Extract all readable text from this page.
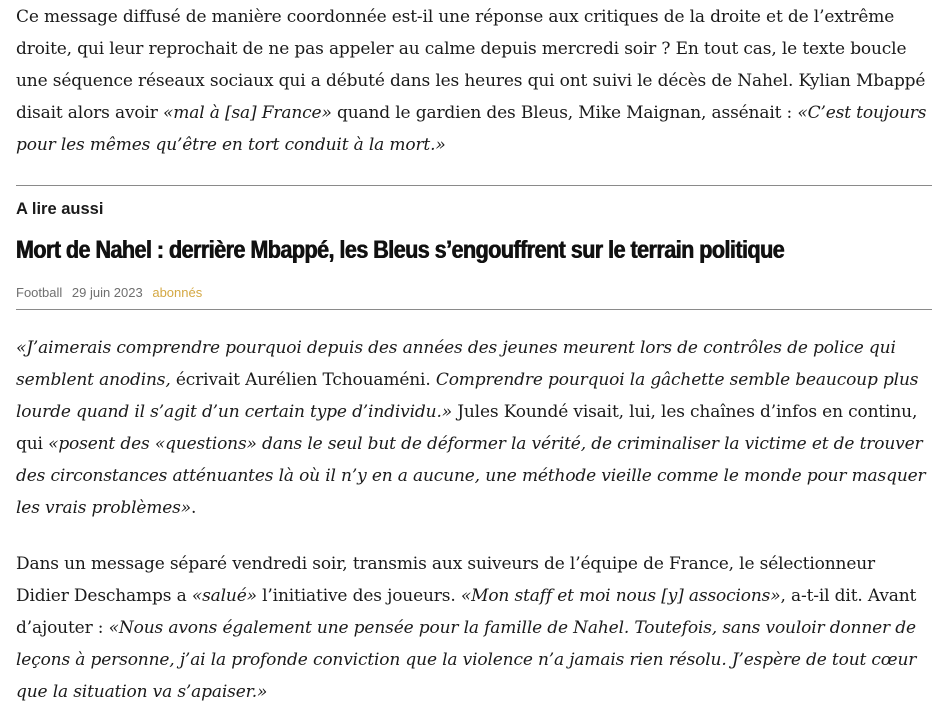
Ce message diffusé de manière coordonnée est-il une réponse aux critiques de la droite et de l’extrême droite, qui leur reprochait de ne pas appeler au calme depuis mercredi soir ? En tout cas, le texte boucle une séquence réseaux sociaux qui a débuté dans les heures qui ont suivi le décès de Nahel. Kylian Mbappé disait alors avoir «mal à [sa] France» quand le gardien des Bleus, Mike Maignan, assénait : «C’est toujours pour les mêmes qu’être en tort conduit à la mort.»

A lire aussi

Mort de Nahel : derrière Mbappé, les Bleus s’engouffrent sur le terrain politique

Football 29 juin 2023 abonnés

«J’aimerais comprendre pourquoi depuis des années des jeunes meurent lors de contrôles de police qui semblent anodins, écrivait Aurélien Tchouaméni. Comprendre pourquoi la gâchette semble beaucoup plus lourde quand il s’agit d’un certain type d’individu.» Jules Koundé visait, lui, les chaînes d’infos en continu, qui «posent des «questions» dans le seul but de déformer la vérité, de criminaliser la victime et de trouver des circonstances atténuantes là où il n’y en a aucune, une méthode vieille comme le monde pour masquer les vrais problèmes».

Dans un message séparé vendredi soir, transmis aux suiveurs de l’équipe de France, le sélectionneur Didier Deschamps a «salué» l’initiative des joueurs. «Mon staff et moi nous [y] associons», a-t-il dit. Avant d’ajouter : «Nous avons également une pensée pour la famille de Nahel. Toutefois, sans vouloir donner de leçons à personne, j’ai la profonde conviction que la violence n’a jamais rien résolu. J’espère de tout cœur que la situation va s’apaiser.»
